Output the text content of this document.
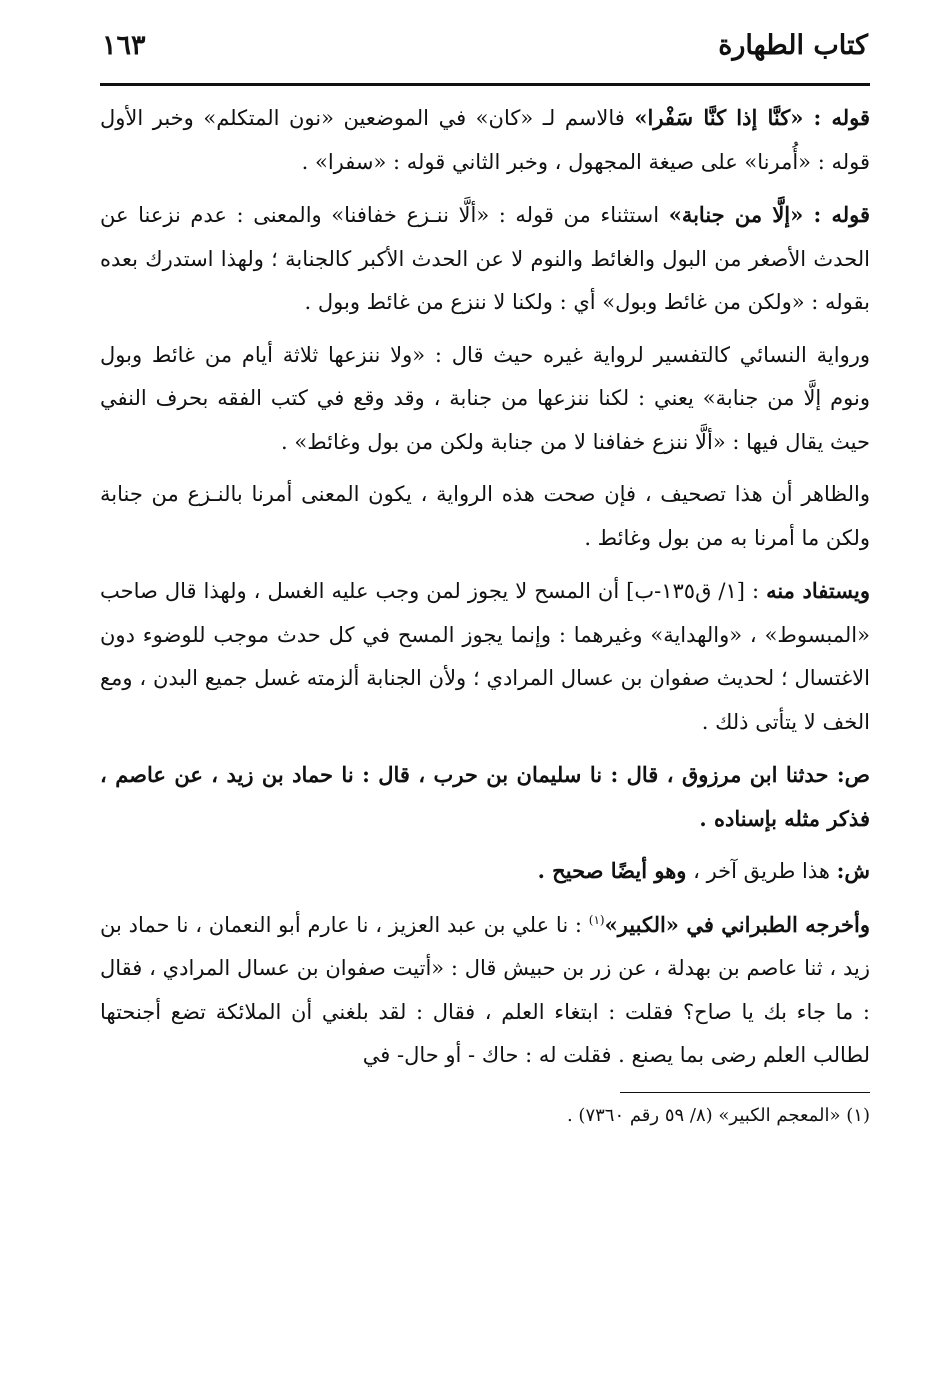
كتاب الطهارة
١٦٣

قوله : «كنَّا إذا كنَّا سَفْرا» فالاسم لـ «كان» في الموضعين «نون المتكلم» وخبر الأول قوله : «أُمرنا» على صيغة المجهول ، وخبر الثاني قوله : «سفرا» .

قوله : «إلَّا من جنابة» استثناء من قوله : «ألَّا ننـزع خفافنا» والمعنى : عدم نزعنا عن الحدث الأصغر من البول والغائط والنوم لا عن الحدث الأكبر كالجنابة ؛ ولهذا استدرك بعده بقوله : «ولكن من غائط وبول» أي : ولكنا لا ننزع من غائط وبول .

ورواية النسائي كالتفسير لرواية غيره حيث قال : «ولا ننزعها ثلاثة أيام من غائط وبول ونوم إلَّا من جنابة» يعني : لكنا ننزعها من جنابة ، وقد وقع في كتب الفقه بحرف النفي حيث يقال فيها : «ألَّا ننزع خفافنا لا من جنابة ولكن من بول وغائط» .

والظاهر أن هذا تصحيف ، فإن صحت هذه الرواية ، يكون المعنى أمرنا بالنـزع من جنابة ولكن ما أمرنا به من بول وغائط .

ويستفاد منه : [١/ ق١٣٥-ب] أن المسح لا يجوز لمن وجب عليه الغسل ، ولهذا قال صاحب «المبسوط» ، «والهداية» وغيرهما : وإنما يجوز المسح في كل حدث موجب للوضوء دون الاغتسال ؛ لحديث صفوان بن عسال المرادي ؛ ولأن الجنابة ألزمته غسل جميع البدن ، ومع الخف لا يتأتى ذلك .

ص: حدثنا ابن مرزوق ، قال : نا سليمان بن حرب ، قال : نا حماد بن زيد ، عن عاصم ، فذكر مثله بإسناده .

ش: هذا طريق آخر ، وهو أيضًا صحيح .

وأخرجه الطبراني في «الكبير»$^{(١)}$ : نا علي بن عبد العزيز ، نا عارم أبو النعمان ، نا حماد بن زيد ، ثنا عاصم بن بهدلة ، عن زر بن حبيش قال : «أتيت صفوان بن عسال المرادي ، فقال : ما جاء بك يا صاح؟ فقلت : ابتغاء العلم ، فقال : لقد بلغني أن الملائكة تضع أجنحتها لطالب العلم رضى بما يصنع . فقلت له : حاك - أو حال- في

(١) «المعجم الكبير» (٨/ ٥٩ رقم ٧٣٦٠) .
